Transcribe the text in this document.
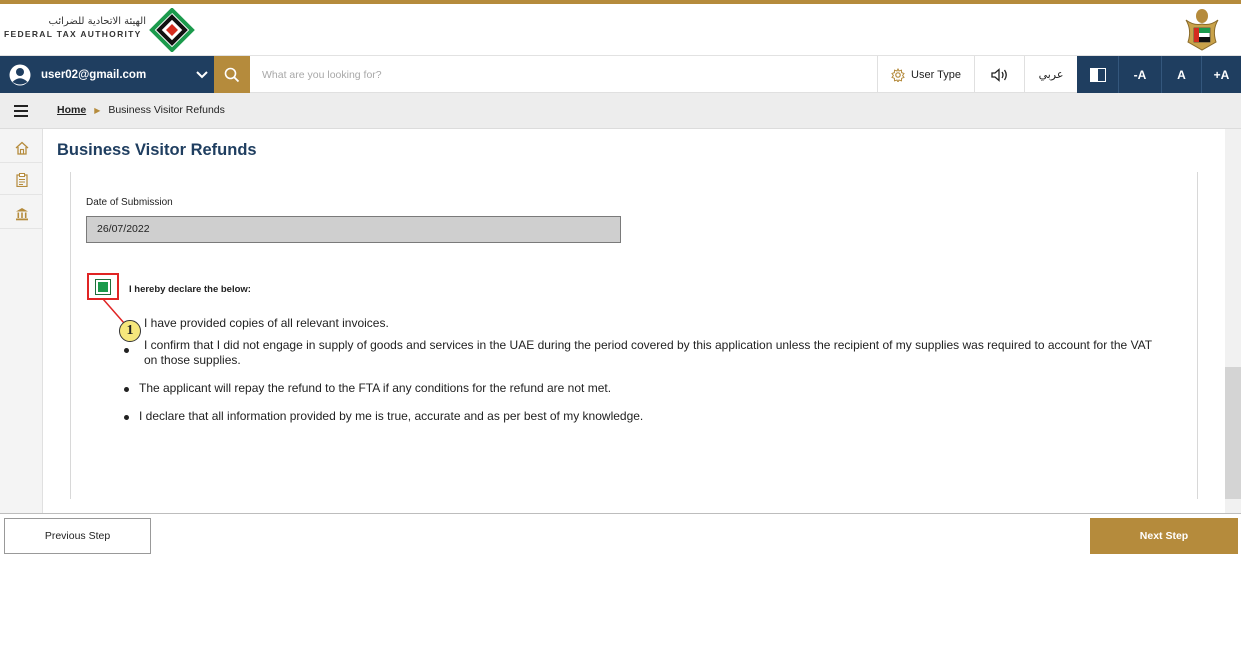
الهيئة الاتحادية للضرائب
FEDERAL TAX AUTHORITY
user02@gmail.com
What are you looking for?	User Type	عربي	-A	A	+A
Home ▶ Business Visitor Refunds
Business Visitor Refunds
Date of Submission
26/07/2022
I hereby declare the below:
I have provided copies of all relevant invoices.
I confirm that I did not engage in supply of goods and services in the UAE during the period covered by this application unless the recipient of my supplies was required to account for the VAT on those supplies.
The applicant will repay the refund to the FTA if any conditions for the refund are not met.
I declare that all information provided by me is true, accurate and as per best of my knowledge.
1
Previous Step	Next Step
